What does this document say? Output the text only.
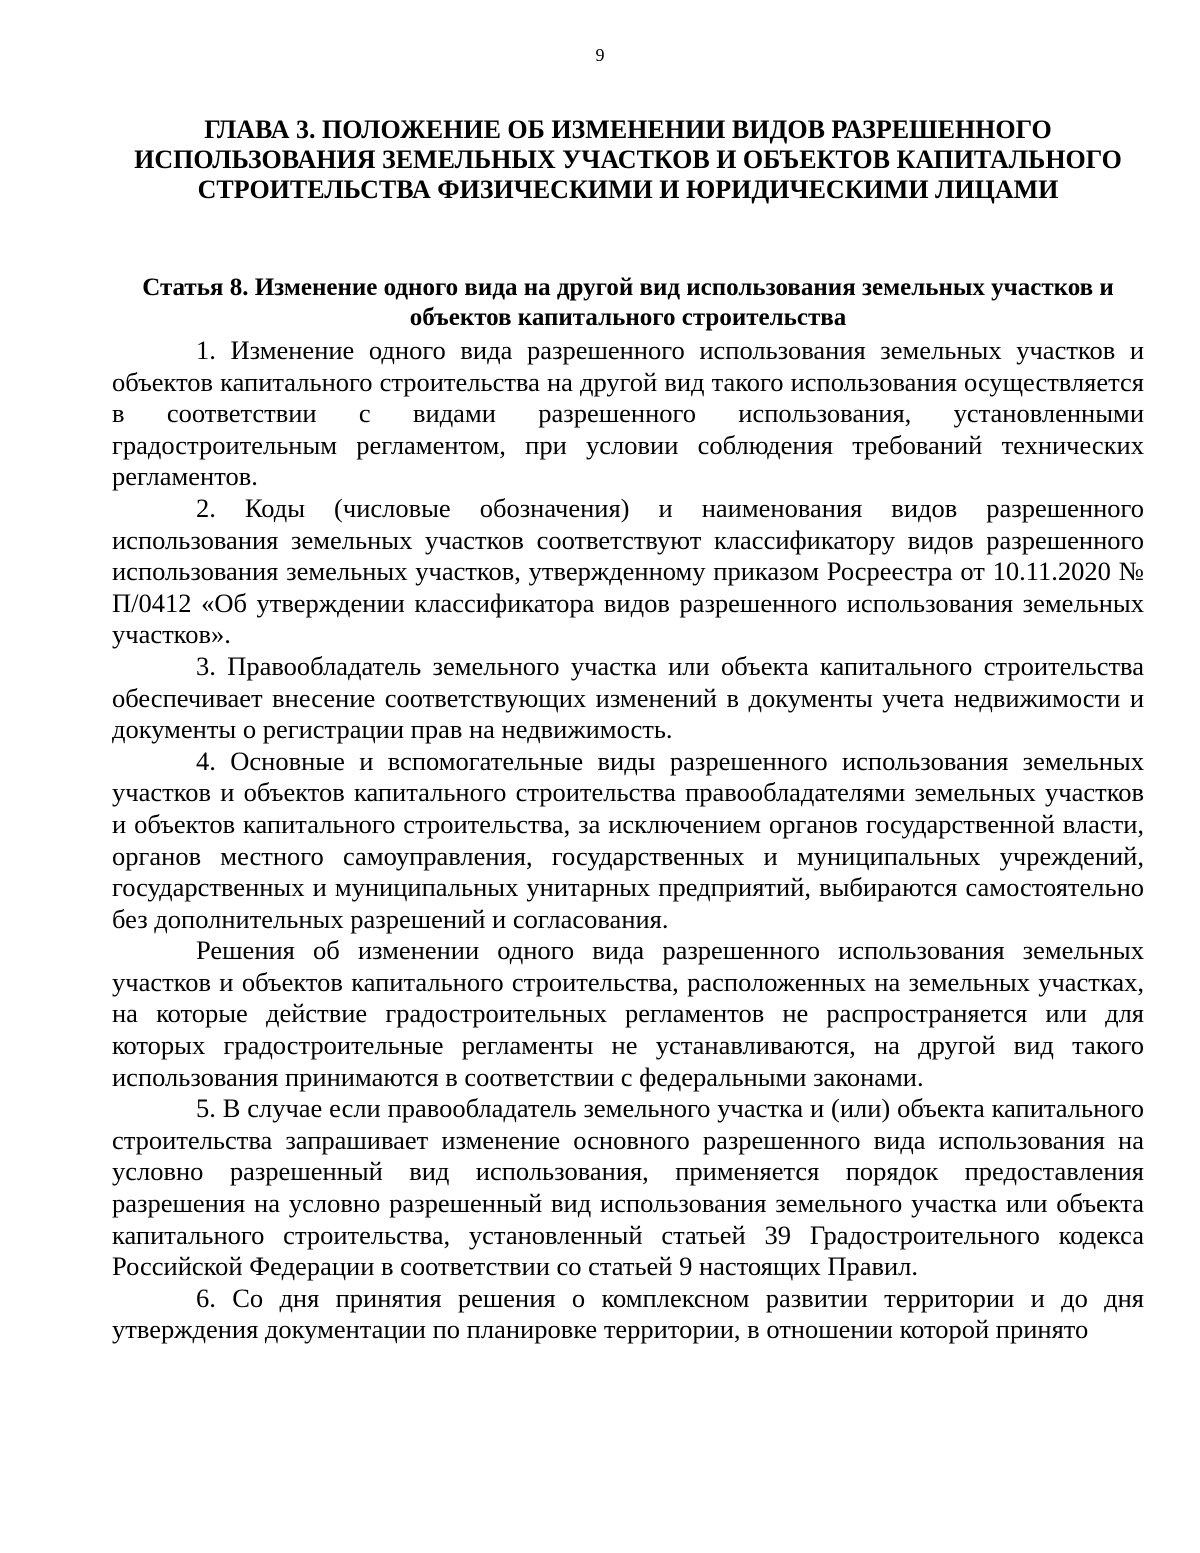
9
ГЛАВА 3. ПОЛОЖЕНИЕ ОБ ИЗМЕНЕНИИ ВИДОВ РАЗРЕШЕННОГО ИСПОЛЬЗОВАНИЯ ЗЕМЕЛЬНЫХ УЧАСТКОВ И ОБЪЕКТОВ КАПИТАЛЬНОГО СТРОИТЕЛЬСТВА ФИЗИЧЕСКИМИ И ЮРИДИЧЕСКИМИ ЛИЦАМИ
Статья 8. Изменение одного вида на другой вид использования земельных участков и объектов капитального строительства

1. Изменение одного вида разрешенного использования земельных участков и объектов капитального строительства на другой вид такого использования осуществляется в соответствии с видами разрешенного использования, установленными градостроительным регламентом, при условии соблюдения требований технических регламентов.

2. Коды (числовые обозначения) и наименования видов разрешенного использования земельных участков соответствуют классификатору видов разрешенного использования земельных участков, утвержденному приказом Росреестра от 10.11.2020 № П/0412 «Об утверждении классификатора видов разрешенного использования земельных участков».

3. Правообладатель земельного участка или объекта капитального строительства обеспечивает внесение соответствующих изменений в документы учета недвижимости и документы о регистрации прав на недвижимость.

4. Основные и вспомогательные виды разрешенного использования земельных участков и объектов капитального строительства правообладателями земельных участков и объектов капитального строительства, за исключением органов государственной власти, органов местного самоуправления, государственных и муниципальных учреждений, государственных и муниципальных унитарных предприятий, выбираются самостоятельно без дополнительных разрешений и согласования.

Решения об изменении одного вида разрешенного использования земельных участков и объектов капитального строительства, расположенных на земельных участках, на которые действие градостроительных регламентов не распространяется или для которых градостроительные регламенты не устанавливаются, на другой вид такого использования принимаются в соответствии с федеральными законами.

5. В случае если правообладатель земельного участка и (или) объекта капитального строительства запрашивает изменение основного разрешенного вида использования на условно разрешенный вид использования, применяется порядок предоставления разрешения на условно разрешенный вид использования земельного участка или объекта капитального строительства, установленный статьей 39 Градостроительного кодекса Российской Федерации в соответствии со статьей 9 настоящих Правил.

6. Со дня принятия решения о комплексном развитии территории и до дня утверждения документации по планировке территории, в отношении которой принято
